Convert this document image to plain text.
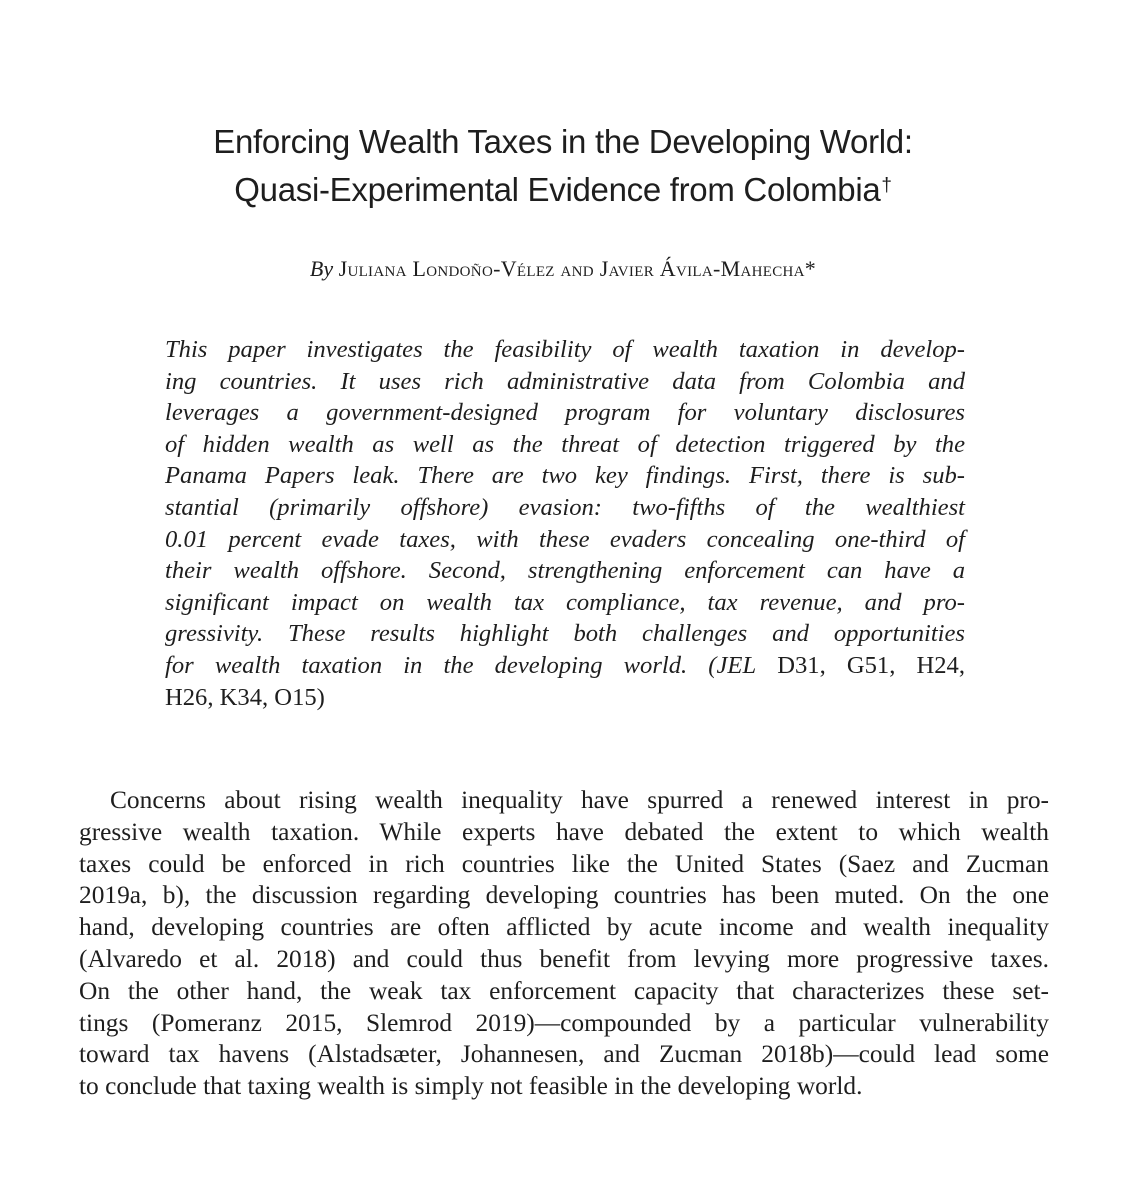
Enforcing Wealth Taxes in the Developing World:
Quasi-Experimental Evidence from Colombia†
By Juliana Londoño-Vélez and Javier Ávila-Mahecha*
This paper investigates the feasibility of wealth taxation in develop-
ing countries. It uses rich administrative data from Colombia and
leverages a government-designed program for voluntary disclosures
of hidden wealth as well as the threat of detection triggered by the
Panama Papers leak. There are two key findings. First, there is sub-
stantial (primarily offshore) evasion: two-fifths of the wealthiest
0.01 percent evade taxes, with these evaders concealing one-third of
their wealth offshore. Second, strengthening enforcement can have a
significant impact on wealth tax compliance, tax revenue, and pro-
gressivity. These results highlight both challenges and opportunities
for wealth taxation in the developing world. (JEL D31, G51, H24,
H26, K34, O15)
Concerns about rising wealth inequality have spurred a renewed interest in pro-
gressive wealth taxation. While experts have debated the extent to which wealth
taxes could be enforced in rich countries like the United States (Saez and Zucman
2019a, b), the discussion regarding developing countries has been muted. On the one
hand, developing countries are often afflicted by acute income and wealth inequality
(Alvaredo et al. 2018) and could thus benefit from levying more progressive taxes.
On the other hand, the weak tax enforcement capacity that characterizes these set-
tings (Pomeranz 2015, Slemrod 2019)—compounded by a particular vulnerability
toward tax havens (Alstadsæter, Johannesen, and Zucman 2018b)—could lead some
to conclude that taxing wealth is simply not feasible in the developing world.
